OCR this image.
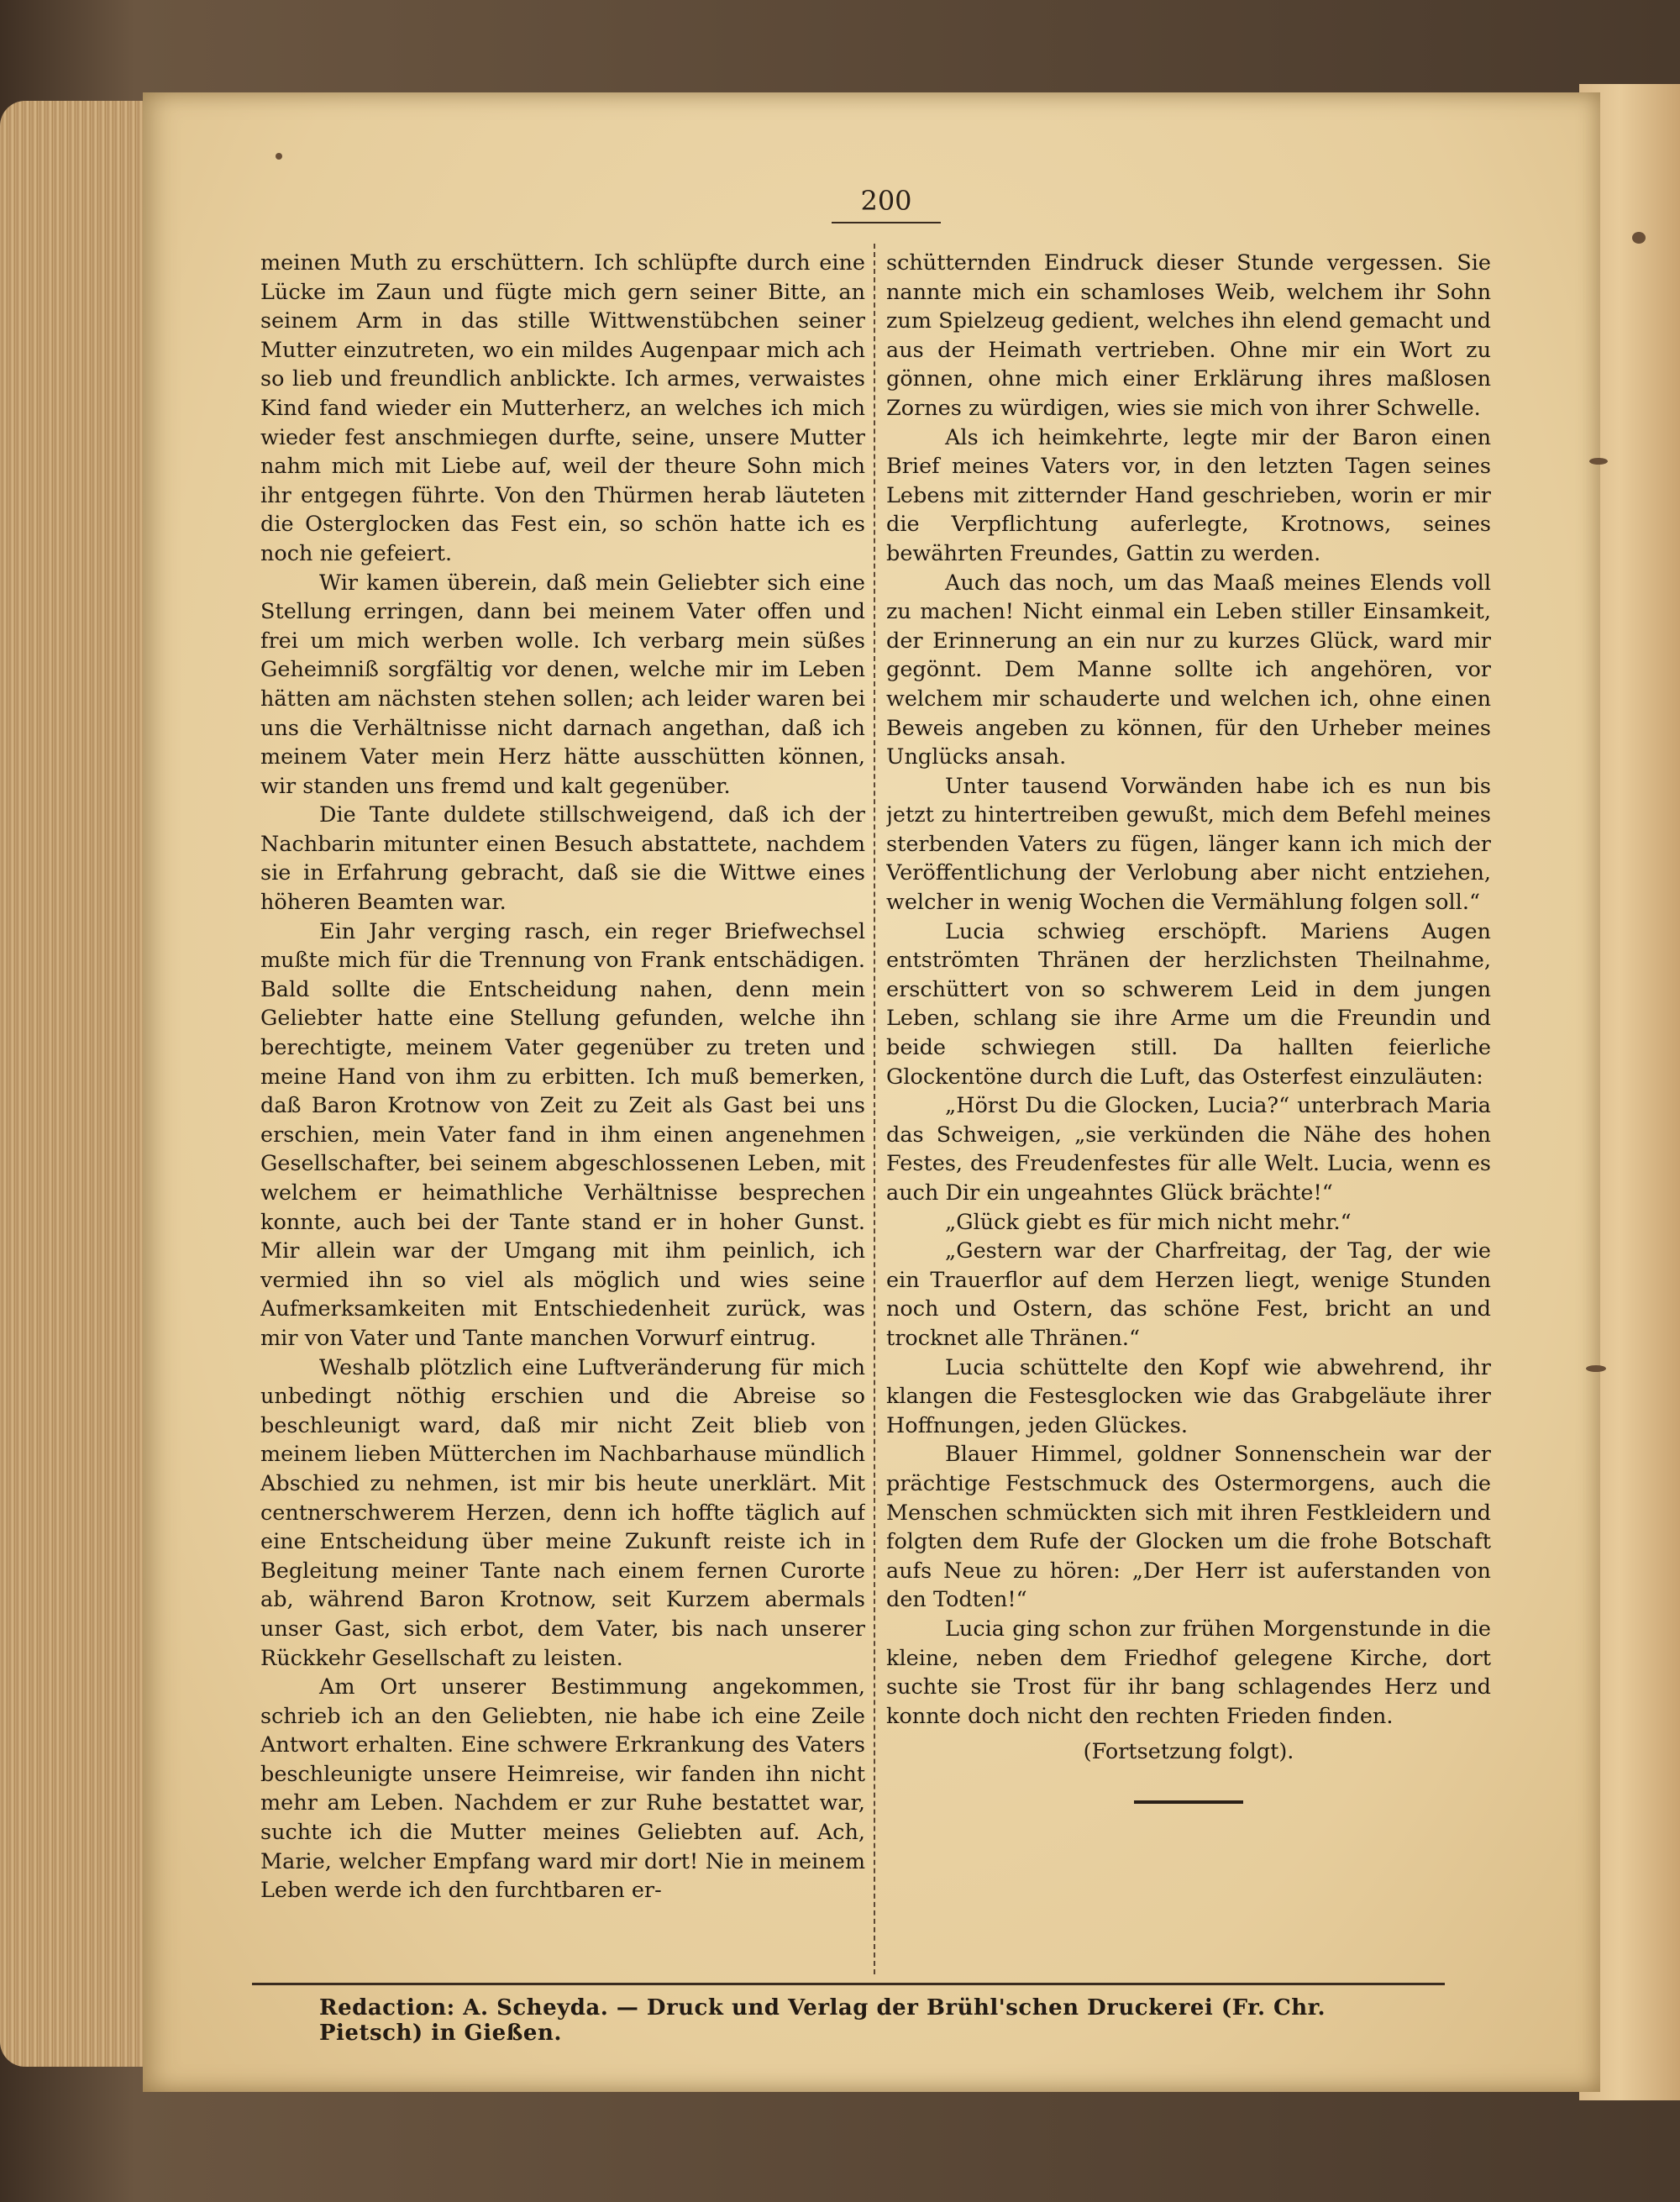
200

meinen Muth zu erschüttern. Ich schlüpfte durch eine Lücke im Zaun und fügte mich gern seiner Bitte, an seinem Arm in das stille Wittwenstübchen seiner Mutter einzutreten, wo ein mildes Augenpaar mich ach so lieb und freundlich anblickte. Ich armes, verwaistes Kind fand wieder ein Mutterherz, an welches ich mich wieder fest anschmiegen durfte, seine, unsere Mutter nahm mich mit Liebe auf, weil der theure Sohn mich ihr entgegen führte. Von den Thürmen herab läuteten die Osterglocken das Fest ein, so schön hatte ich es noch nie gefeiert.

Wir kamen überein, daß mein Geliebter sich eine Stellung erringen, dann bei meinem Vater offen und frei um mich werben wolle. Ich verbarg mein süßes Geheimniß sorgfältig vor denen, welche mir im Leben hätten am nächsten stehen sollen; ach leider waren bei uns die Verhältnisse nicht darnach angethan, daß ich meinem Vater mein Herz hätte ausschütten können, wir standen uns fremd und kalt gegenüber.

Die Tante duldete stillschweigend, daß ich der Nachbarin mitunter einen Besuch abstattete, nachdem sie in Erfahrung gebracht, daß sie die Wittwe eines höheren Beamten war.

Ein Jahr verging rasch, ein reger Briefwechsel mußte mich für die Trennung von Frank entschädigen. Bald sollte die Entscheidung nahen, denn mein Geliebter hatte eine Stellung gefunden, welche ihn berechtigte, meinem Vater gegenüber zu treten und meine Hand von ihm zu erbitten. Ich muß bemerken, daß Baron Krotnow von Zeit zu Zeit als Gast bei uns erschien, mein Vater fand in ihm einen angenehmen Gesellschafter, bei seinem abgeschlossenen Leben, mit welchem er heimathliche Verhältnisse besprechen konnte, auch bei der Tante stand er in hoher Gunst. Mir allein war der Umgang mit ihm peinlich, ich vermied ihn so viel als möglich und wies seine Aufmerksamkeiten mit Entschiedenheit zurück, was mir von Vater und Tante manchen Vorwurf eintrug.

Weshalb plötzlich eine Luftveränderung für mich unbedingt nöthig erschien und die Abreise so beschleunigt ward, daß mir nicht Zeit blieb von meinem lieben Mütterchen im Nachbarhause mündlich Abschied zu nehmen, ist mir bis heute unerklärt. Mit centnerschwerem Herzen, denn ich hoffte täglich auf eine Entscheidung über meine Zukunft reiste ich in Begleitung meiner Tante nach einem fernen Curorte ab, während Baron Krotnow, seit Kurzem abermals unser Gast, sich erbot, dem Vater, bis nach unserer Rückkehr Gesellschaft zu leisten.

Am Ort unserer Bestimmung angekommen, schrieb ich an den Geliebten, nie habe ich eine Zeile Antwort erhalten. Eine schwere Erkrankung des Vaters beschleunigte unsere Heimreise, wir fanden ihn nicht mehr am Leben. Nachdem er zur Ruhe bestattet war, suchte ich die Mutter meines Geliebten auf. Ach, Marie, welcher Empfang ward mir dort! Nie in meinem Leben werde ich den furchtbaren er-

schütternden Eindruck dieser Stunde vergessen. Sie nannte mich ein schamloses Weib, welchem ihr Sohn zum Spielzeug gedient, welches ihn elend gemacht und aus der Heimath vertrieben. Ohne mir ein Wort zu gönnen, ohne mich einer Erklärung ihres maßlosen Zornes zu würdigen, wies sie mich von ihrer Schwelle.

Als ich heimkehrte, legte mir der Baron einen Brief meines Vaters vor, in den letzten Tagen seines Lebens mit zitternder Hand geschrieben, worin er mir die Verpflichtung auferlegte, Krotnows, seines bewährten Freundes, Gattin zu werden.

Auch das noch, um das Maaß meines Elends voll zu machen! Nicht einmal ein Leben stiller Einsamkeit, der Erinnerung an ein nur zu kurzes Glück, ward mir gegönnt. Dem Manne sollte ich angehören, vor welchem mir schauderte und welchen ich, ohne einen Beweis angeben zu können, für den Urheber meines Unglücks ansah.

Unter tausend Vorwänden habe ich es nun bis jetzt zu hintertreiben gewußt, mich dem Befehl meines sterbenden Vaters zu fügen, länger kann ich mich der Veröffentlichung der Verlobung aber nicht entziehen, welcher in wenig Wochen die Vermählung folgen soll.“

Lucia schwieg erschöpft. Mariens Augen entströmten Thränen der herzlichsten Theilnahme, erschüttert von so schwerem Leid in dem jungen Leben, schlang sie ihre Arme um die Freundin und beide schwiegen still. Da hallten feierliche Glockentöne durch die Luft, das Osterfest einzuläuten:

„Hörst Du die Glocken, Lucia?“ unterbrach Maria das Schweigen, „sie verkünden die Nähe des hohen Festes, des Freudenfestes für alle Welt. Lucia, wenn es auch Dir ein ungeahntes Glück brächte!“

„Glück giebt es für mich nicht mehr.“

„Gestern war der Charfreitag, der Tag, der wie ein Trauerflor auf dem Herzen liegt, wenige Stunden noch und Ostern, das schöne Fest, bricht an und trocknet alle Thränen.“

Lucia schüttelte den Kopf wie abwehrend, ihr klangen die Festesglocken wie das Grabgeläute ihrer Hoffnungen, jeden Glückes.

Blauer Himmel, goldner Sonnenschein war der prächtige Festschmuck des Ostermorgens, auch die Menschen schmückten sich mit ihren Festkleidern und folgten dem Rufe der Glocken um die frohe Botschaft aufs Neue zu hören: „Der Herr ist auferstanden von den Todten!“

Lucia ging schon zur frühen Morgenstunde in die kleine, neben dem Friedhof gelegene Kirche, dort suchte sie Trost für ihr bang schlagendes Herz und konnte doch nicht den rechten Frieden finden.

(Fortsetzung folgt).

Redaction: A. Scheyda. — Druck und Verlag der Brühl'schen Druckerei (Fr. Chr. Pietsch) in Gießen.
